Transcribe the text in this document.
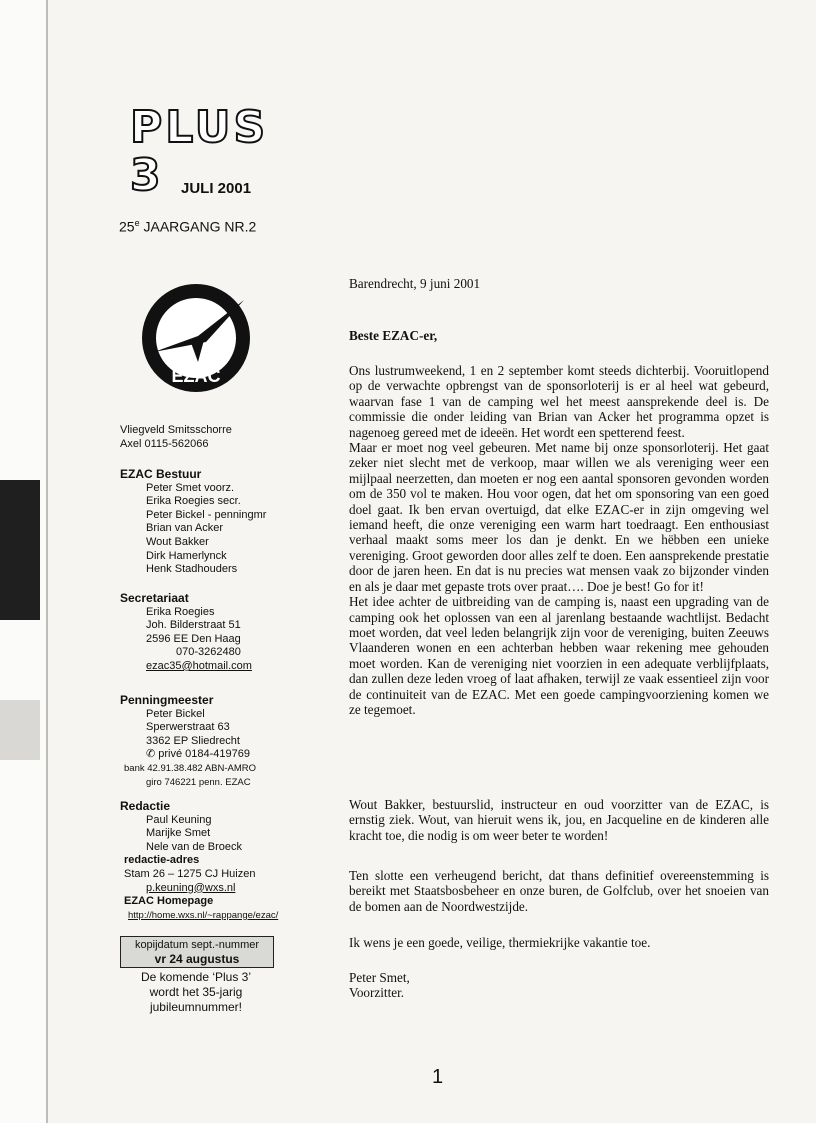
PLUS 3	JULI 2001
25e JAARGANG NR.2
EZAC
Vliegveld Smitsschorre
Axel 0115-562066
EZAC Bestuur
Peter Smet voorz.
Erika Roegies secr.
Peter Bickel - penningmr
Brian van Acker
Wout Bakker
Dirk Hamerlynck
Henk Stadhouders
Secretariaat
Erika Roegies
Joh. Bilderstraat 51
2596 EE Den Haag
070-3262480
ezac35@hotmail.com
Penningmeester
Peter Bickel
Sperwerstraat 63
3362 EP Sliedrecht
✆ privé 0184-419769
bank 42.91.38.482 ABN-AMRO
giro 746221 penn. EZAC
Redactie
Paul Keuning
Marijke Smet
Nele van de Broeck
redactie-adres
Stam 26 – 1275 CJ Huizen
p.keuning@wxs.nl
EZAC Homepage
http://home.wxs.nl/~rappange/ezac/
kopijdatum sept.-nummer
vr 24 augustus
De komende ‘Plus 3’
wordt het 35-jarig
jubileumnummer!
Barendrecht, 9 juni 2001
Beste EZAC-er,

Ons lustrumweekend, 1 en 2 september komt steeds dichterbij. Vooruitlopend op de verwachte opbrengst van de sponsorloterij is er al heel wat gebeurd, waarvan fase 1 van de camping wel het meest aansprekende deel is. De commissie die onder leiding van Brian van Acker het programma opzet is nagenoeg gereed met de ideeën. Het wordt een spetterend feest.

Maar er moet nog veel gebeuren. Met name bij onze sponsorloterij. Het gaat zeker niet slecht met de verkoop, maar willen we als vereniging weer een mijlpaal neerzetten, dan moeten er nog een aantal sponsoren gevonden worden om de 350 vol te maken. Hou voor ogen, dat het om sponsoring van een goed doel gaat. Ik ben ervan overtuigd, dat elke EZAC-er in zijn omgeving wel iemand heeft, die onze vereniging een warm hart toedraagt. Een enthousiast verhaal maakt soms meer los dan je denkt. En we hëbben een unieke vereniging. Groot geworden door alles zelf te doen. Een aansprekende prestatie door de jaren heen. En dat is nu precies wat mensen vaak zo bijzonder vinden en als je daar met gepaste trots over praat…. Doe je best! Go for it!

Het idee achter de uitbreiding van de camping is, naast een upgrading van de camping ook het oplossen van een al jarenlang bestaande wachtlijst. Bedacht moet worden, dat veel leden belangrijk zijn voor de vereniging, buiten Zeeuws Vlaanderen wonen en een achterban hebben waar rekening mee gehouden moet worden. Kan de vereniging niet voorzien in een adequate verblijfplaats, dan zullen deze leden vroeg of laat afhaken, terwijl ze vaak essentieel zijn voor de continuiteit van de EZAC. Met een goede campingvoorziening komen we ze tegemoet.

Wout Bakker, bestuurslid, instructeur en oud voorzitter van de EZAC, is ernstig ziek. Wout, van hieruit wens ik, jou, en Jacqueline en de kinderen alle kracht toe, die nodig is om weer beter te worden!

Ten slotte een verheugend bericht, dat thans definitief overeenstemming is bereikt met Staatsbosbeheer en onze buren, de Golfclub, over het snoeien van de bomen aan de Noordwestzijde.

Ik wens je een goede, veilige, thermiekrijke vakantie toe.

Peter Smet,
Voorzitter.
1
